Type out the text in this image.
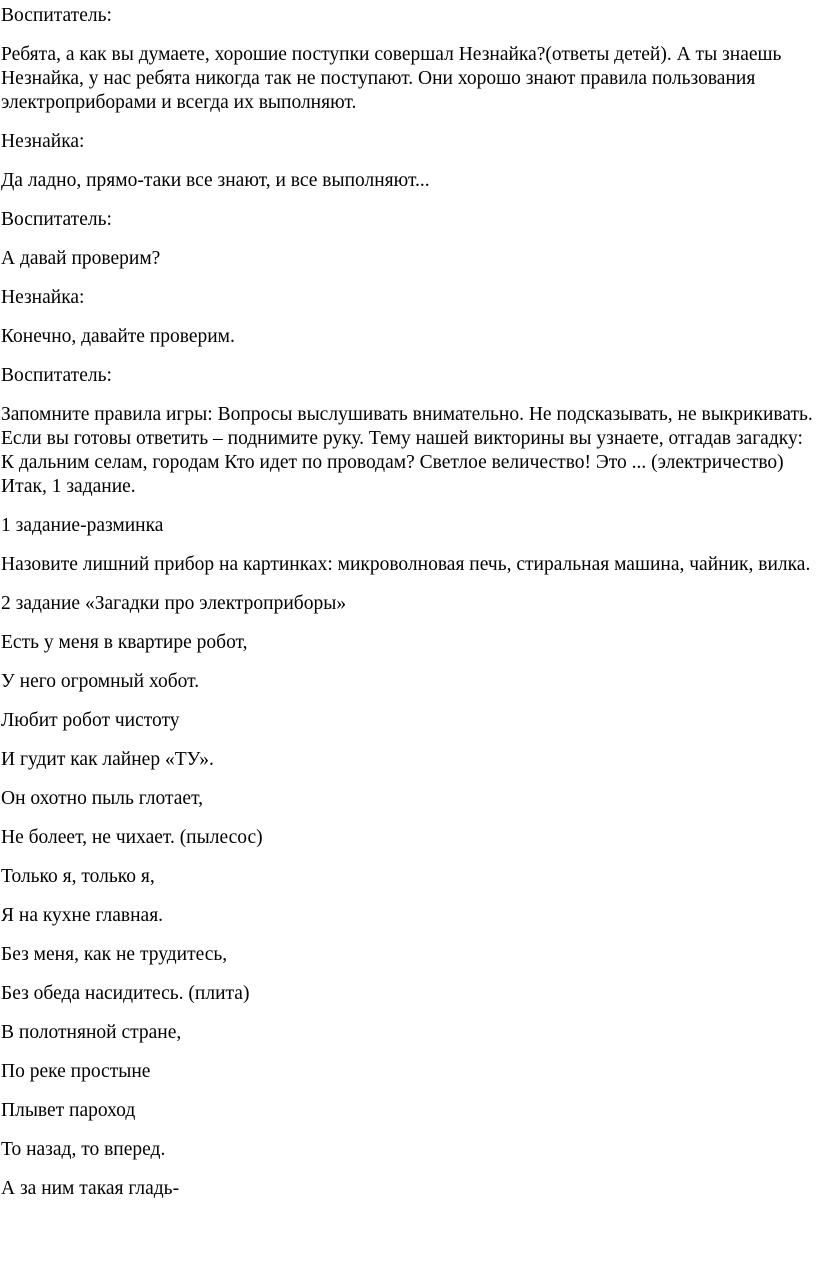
Воспитатель:

Ребята, а как вы думаете, хорошие поступки совершал Незнайка?(ответы детей). А ты знаешь Незнайка, у нас ребята никогда так не поступают. Они хорошо знают правила пользования электроприборами и всегда их выполняют.

Незнайка:

Да ладно, прямо-таки все знают, и все выполняют...

Воспитатель:

А давай проверим?

Незнайка:

Конечно, давайте проверим.

Воспитатель:

Запомните правила игры: Вопросы выслушивать внимательно. Не подсказывать, не выкрикивать. Если вы готовы ответить – поднимите руку. Тему нашей викторины вы узнаете, отгадав загадку: К дальним селам, городам Кто идет по проводам? Светлое величество! Это ... (электричество) Итак, 1 задание.

1 задание-разминка

Назовите лишний прибор на картинках: микроволновая печь, стиральная машина, чайник, вилка.

2 задание «Загадки про электроприборы»

Есть у меня в квартире робот,

У него огромный хобот.

Любит робот чистоту

И гудит как лайнер «ТУ».

Он охотно пыль глотает,

Не болеет, не чихает. (пылесос)

Только я, только я,

Я на кухне главная.

Без меня, как не трудитесь,

Без обеда насидитесь. (плита)

В полотняной стране,

По реке простыне

Плывет пароход

То назад, то вперед.

А за ним такая гладь-
